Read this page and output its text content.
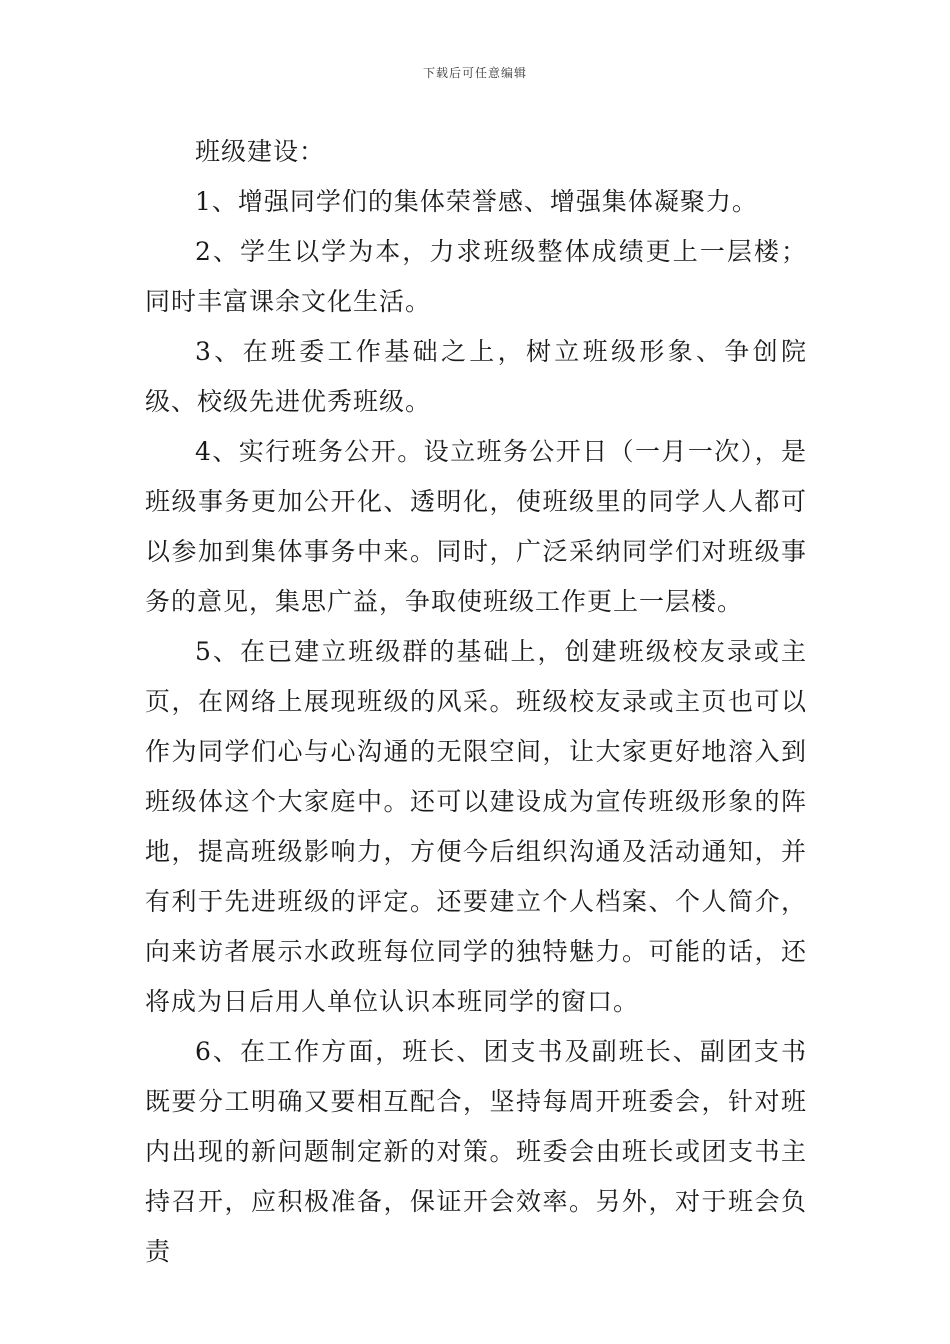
下载后可任意编辑

班级建设：

1、增强同学们的集体荣誉感、增强集体凝聚力。

2、学生以学为本，力求班级整体成绩更上一层楼；同时丰富课余文化生活。

3、在班委工作基础之上，树立班级形象、争创院级、校级先进优秀班级。

4、实行班务公开。设立班务公开日（一月一次），是班级事务更加公开化、透明化，使班级里的同学人人都可以参加到集体事务中来。同时，广泛采纳同学们对班级事务的意见，集思广益，争取使班级工作更上一层楼。

5、在已建立班级群的基础上，创建班级校友录或主页，在网络上展现班级的风采。班级校友录或主页也可以作为同学们心与心沟通的无限空间，让大家更好地溶入到班级体这个大家庭中。还可以建设成为宣传班级形象的阵地，提高班级影响力，方便今后组织沟通及活动通知，并有利于先进班级的评定。还要建立个人档案、个人简介，向来访者展示水政班每位同学的独特魅力。可能的话，还将成为日后用人单位认识本班同学的窗口。

6、在工作方面，班长、团支书及副班长、副团支书既要分工明确又要相互配合，坚持每周开班委会，针对班内出现的新问题制定新的对策。班委会由班长或团支书主持召开，应积极准备，保证开会效率。另外，对于班会负责
